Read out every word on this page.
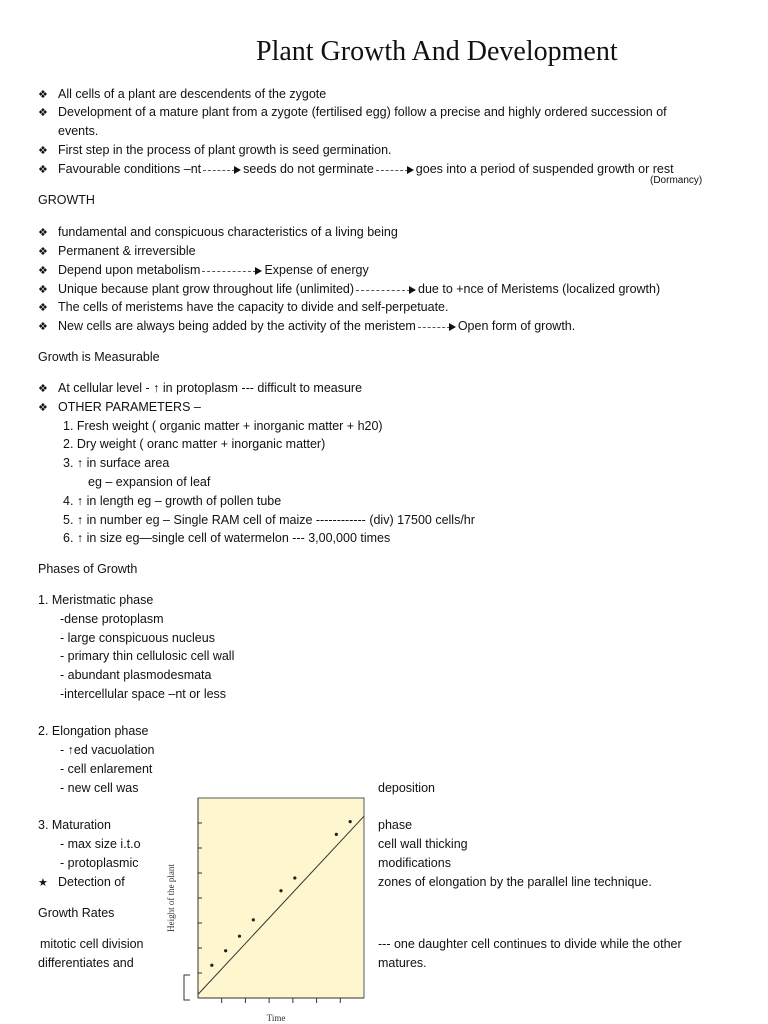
Plant Growth And Development
❖ All cells of a plant are descendents of the zygote
❖ Development of a mature plant from a zygote (fertilised egg) follow a precise and highly ordered succession of
events.
❖ First step in the process of plant growth is seed germination.
❖ Favourable conditions –nt	seeds do not germinate	goes into a period of suspended growth or rest
(Dormancy)
GROWTH
❖ fundamental and conspicuous characteristics of a living being
❖ Permanent & irreversible
❖ Depend upon metabolism	Expense of energy
❖ Unique because plant grow throughout life (unlimited)	due to +nce of Meristems (localized growth)
❖ The cells of meristems have the capacity to divide and self-perpetuate.
❖ New cells are always being added by the activity of the meristem	Open form of growth.
Growth is Measurable
❖ At cellular level - ↑ in protoplasm --- difficult to measure
❖ OTHER PARAMETERS –
1. Fresh weight ( organic matter + inorganic matter + h20)
2. Dry weight ( oranc matter + inorganic matter)
3. ↑ in surface area
eg – expansion of leaf
4. ↑ in length eg – growth of pollen tube
5. ↑ in number eg – Single RAM cell of maize ------------ (div) 17500 cells/hr
6. ↑ in size eg—single cell of watermelon --- 3,00,000 times
Phases of Growth
1. Meristmatic phase
-dense protoplasm
- large conspicuous nucleus
- primary thin cellulosic cell wall
- abundant plasmodesmata
-intercellular space –nt or less
2. Elongation phase
- ↑ed vacuolation
- cell enlarement
- new cell was	deposition
3. Maturation	phase
- max size i.t.o	cell wall thicking
- protoplasmic	modifications
★ Detection of	zones of elongation by the parallel line technique.
Growth Rates
mitotic cell division	--- one daughter cell continues to divide while the other
differentiates and	matures.
Height of the plant
Time
